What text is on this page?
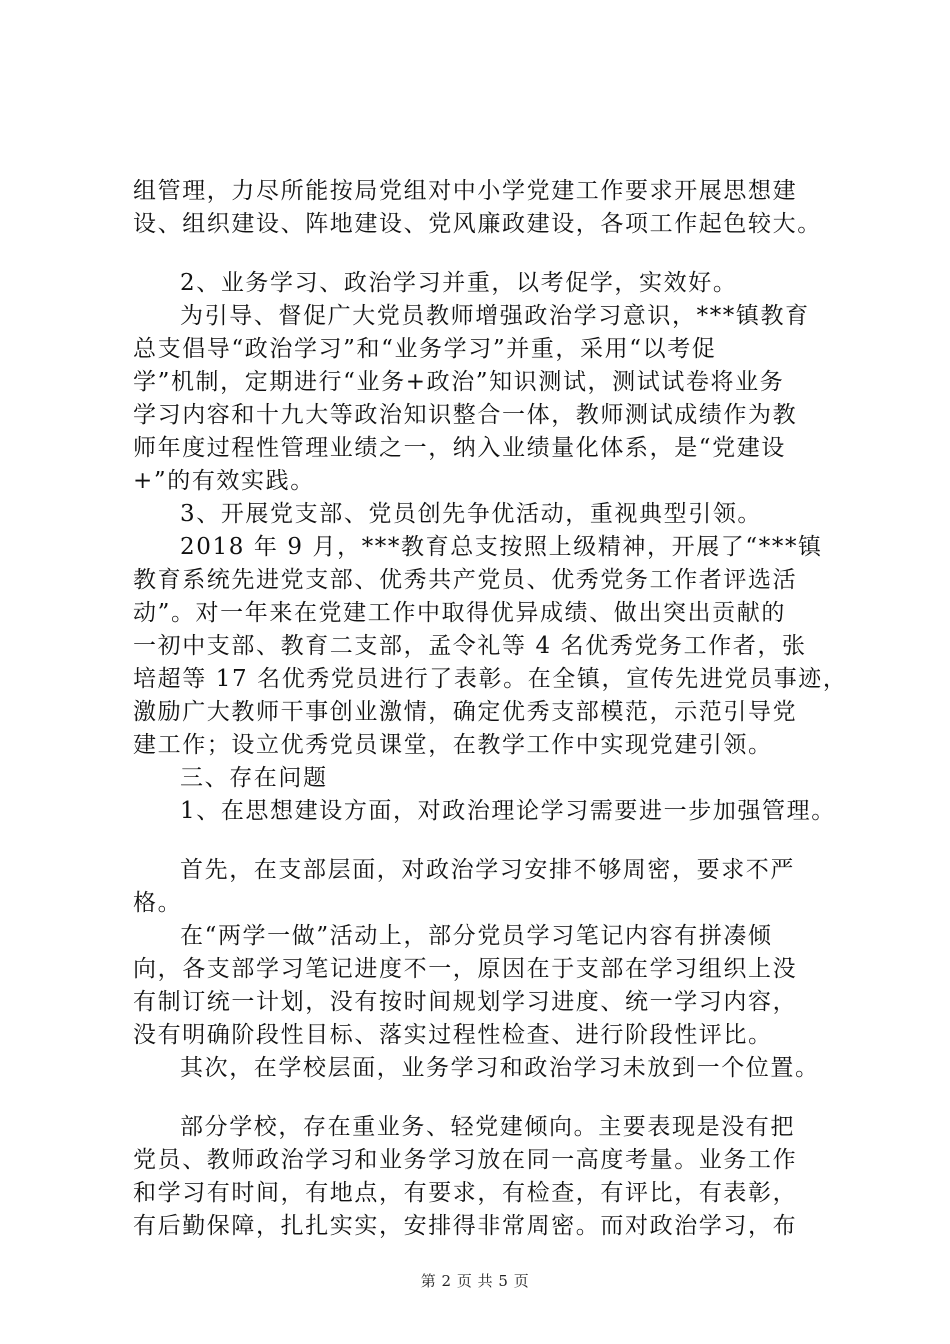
组管理，力尽所能按局党组对中小学党建工作要求开展思想建
设、组织建设、阵地建设、党风廉政建设，各项工作起色较大。
2、业务学习、政治学习并重，以考促学，实效好。
为引导、督促广大党员教师增强政治学习意识，***镇教育
总支倡导“政治学习”和“业务学习”并重，采用“以考促
学”机制，定期进行“业务+政治”知识测试，测试试卷将业务
学习内容和十九大等政治知识整合一体，教师测试成绩作为教
师年度过程性管理业绩之一，纳入业绩量化体系，是“党建设
+”的有效实践。
3、开展党支部、党员创先争优活动，重视典型引领。
2018 年 9 月，***教育总支按照上级精神，开展了“***镇
教育系统先进党支部、优秀共产党员、优秀党务工作者评选活
动”。对一年来在党建工作中取得优异成绩、做出突出贡献的
一初中支部、教育二支部，孟令礼等 4 名优秀党务工作者，张
培超等 17 名优秀党员进行了表彰。在全镇，宣传先进党员事迹，
激励广大教师干事创业激情，确定优秀支部模范，示范引导党
建工作；设立优秀党员课堂，在教学工作中实现党建引领。
三、存在问题
1、在思想建设方面，对政治理论学习需要进一步加强管理。
首先，在支部层面，对政治学习安排不够周密，要求不严
格。
在“两学一做”活动上，部分党员学习笔记内容有拼凑倾
向，各支部学习笔记进度不一，原因在于支部在学习组织上没
有制订统一计划，没有按时间规划学习进度、统一学习内容，
没有明确阶段性目标、落实过程性检查、进行阶段性评比。
其次，在学校层面，业务学习和政治学习未放到一个位置。
部分学校，存在重业务、轻党建倾向。主要表现是没有把
党员、教师政治学习和业务学习放在同一高度考量。业务工作
和学习有时间，有地点，有要求，有检查，有评比，有表彰，
有后勤保障，扎扎实实，安排得非常周密。而对政治学习，布
第 2 页 共 5 页
